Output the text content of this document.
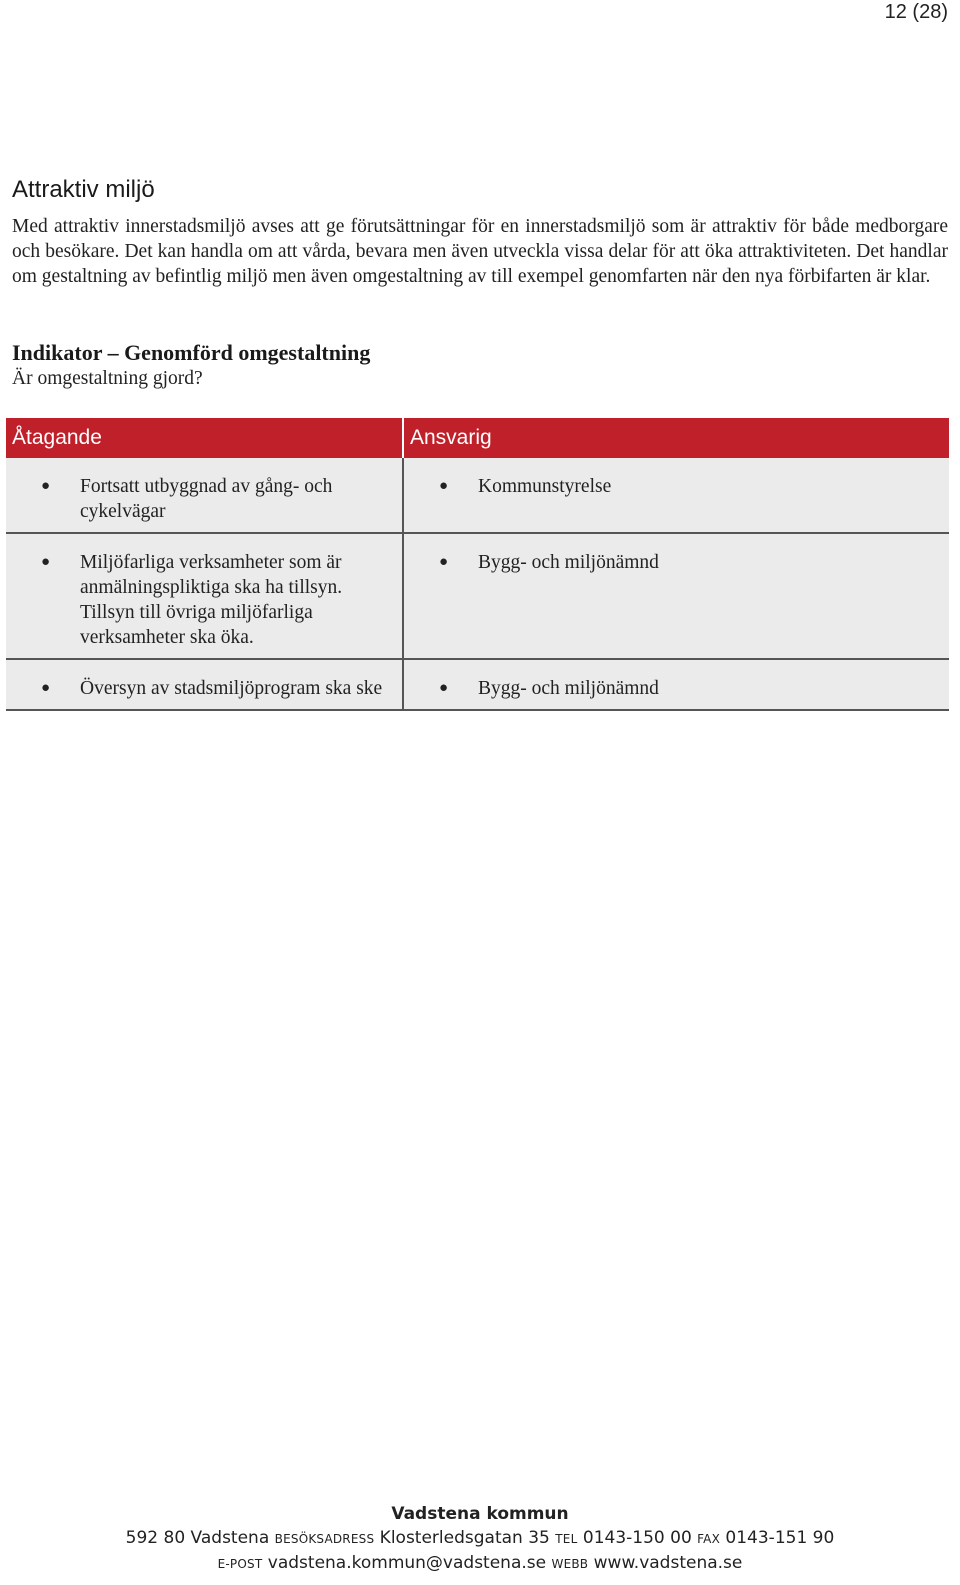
12 (28)
Attraktiv miljö

Med attraktiv innerstadsmiljö avses att ge förutsättningar för en innerstadsmiljö som är attraktiv för både medborgare och besökare. Det kan handla om att vårda, bevara men även utveckla vissa delar för att öka attraktiviteten. Det handlar om gestaltning av befintlig miljö men även omgestaltning av till exempel genomfarten när den nya förbifarten är klar.

Indikator – Genomförd omgestaltning

Är omgestaltning gjord?

Åtagande	Ansvarig

● Fortsatt utbyggnad av gång- och cykelvägar	● Kommunstyrelse

● Miljöfarliga verksamheter som är anmälningspliktiga ska ha tillsyn. Tillsyn till övriga miljöfarliga verksamheter ska öka.	● Bygg- och miljönämnd

● Översyn av stadsmiljöprogram ska ske	● Bygg- och miljönämnd
Vadstena kommun
592 80 Vadstena BESÖKSADRESS Klosterledsgatan 35 TEL 0143-150 00 FAX 0143-151 90
E-POST vadstena.kommun@vadstena.se WEBB www.vadstena.se
